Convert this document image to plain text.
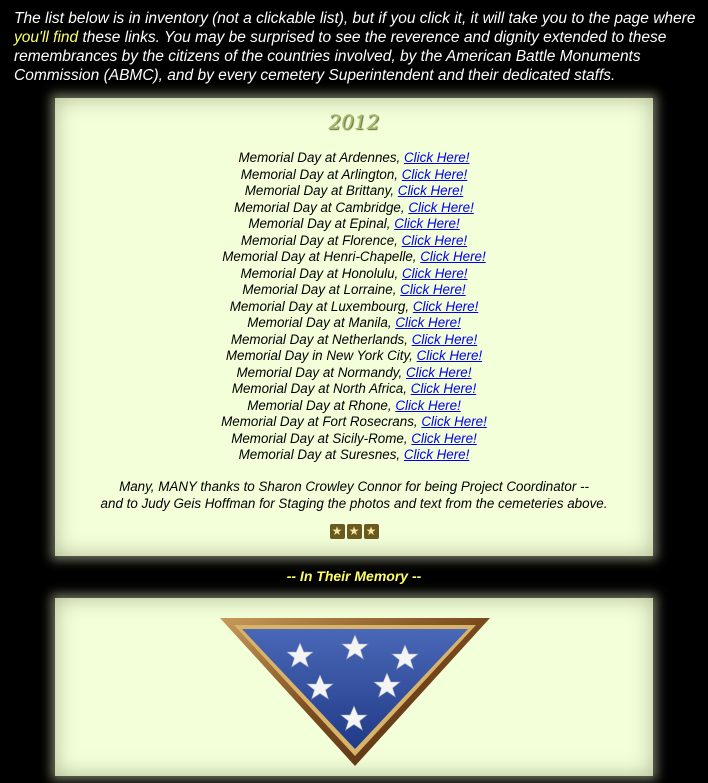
The list below is in inventory (not a clickable list), but if you click it, it will take you to the page where you'll find these links. You may be surprised to see the reverence and dignity extended to these remembrances by the citizens of the countries involved, by the American Battle Monuments Commission (ABMC), and by every cemetery Superintendent and their dedicated staffs.
2012
Memorial Day at Ardennes, Click Here!
Memorial Day at Arlington, Click Here!
Memorial Day at Brittany, Click Here!
Memorial Day at Cambridge, Click Here!
Memorial Day at Epinal, Click Here!
Memorial Day at Florence, Click Here!
Memorial Day at Henri-Chapelle, Click Here!
Memorial Day at Honolulu, Click Here!
Memorial Day at Lorraine, Click Here!
Memorial Day at Luxembourg, Click Here!
Memorial Day at Manila, Click Here!
Memorial Day at Netherlands, Click Here!
Memorial Day in New York City, Click Here!
Memorial Day at Normandy, Click Here!
Memorial Day at North Africa, Click Here!
Memorial Day at Rhone, Click Here!
Memorial Day at Fort Rosecrans, Click Here!
Memorial Day at Sicily-Rome, Click Here!
Memorial Day at Suresnes, Click Here!
Many, MANY thanks to Sharon Crowley Connor for being Project Coordinator --
and to Judy Geis Hoffman for Staging the photos and text from the cemeteries above.
★ ★ ★
-- In Their Memory --
